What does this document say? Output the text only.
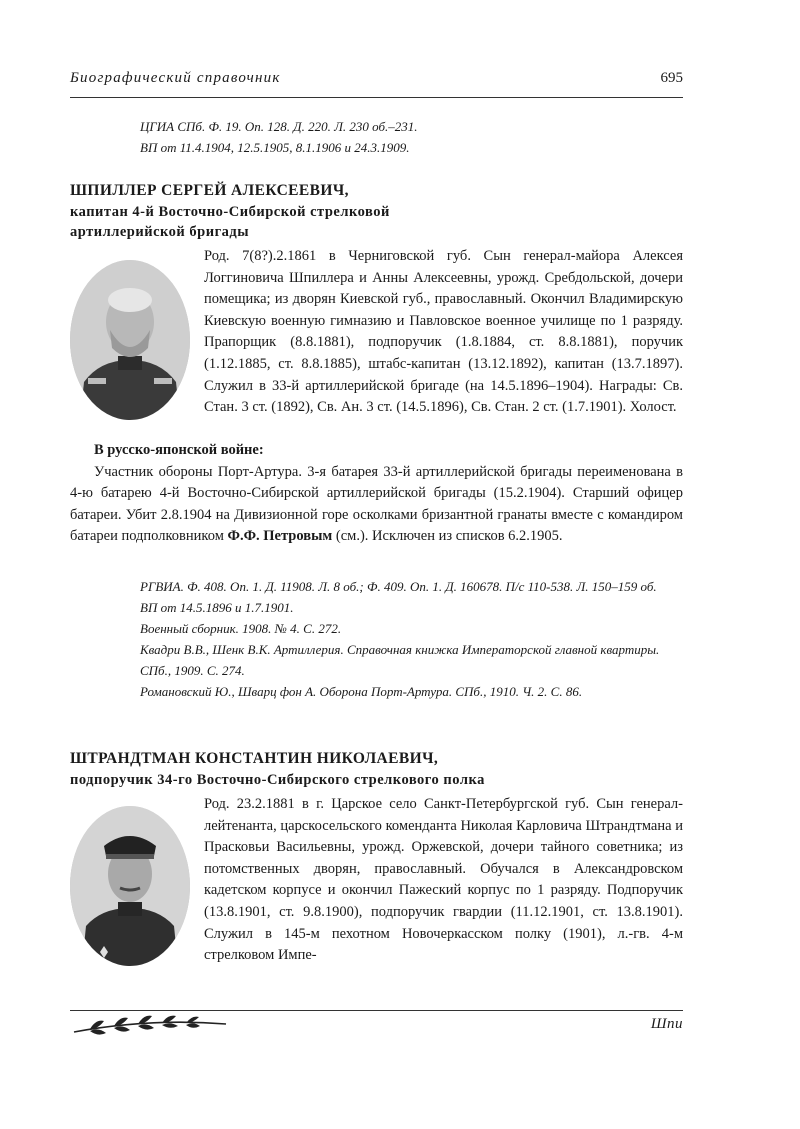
Биографический справочник	695
ЦГИА СПб. Ф. 19. Оп. 128. Д. 220. Л. 230 об.–231.
ВП от 11.4.1904, 12.5.1905, 8.1.1906 и 24.3.1909.

ШПИЛЛЕР СЕРГЕЙ АЛЕКСЕЕВИЧ,

капитан 4-й Восточно-Сибирской стрелковой

артиллерийской бригады

Род. 7(8?).2.1861 в Черниговской губ. Сын генерал-майора Алексея Логгиновича Шпиллера и Анны Алексеевны, урожд. Сребдольской, дочери помещика; из дворян Киевской губ., православный. Окончил Владимирскую Киевскую военную гимназию и Павловское военное училище по 1 разряду. Прапорщик (8.8.1881), подпоручик (1.8.1884, ст. 8.8.1881), поручик (1.12.1885, ст. 8.8.1885), штабс-капитан (13.12.1892), капитан (13.7.1897). Служил в 33-й артиллерийской бригаде (на 14.5.1896–1904). Награды: Св. Стан. 3 ст. (1892), Св. Ан. 3 ст. (14.5.1896), Св. Стан. 2 ст. (1.7.1901). Холост.

В русско-японской войне:

Участник обороны Порт-Артура. 3-я батарея 33-й артиллерийской бригады переименована в 4-ю батарею 4-й Восточно-Сибирской артиллерийской бригады (15.2.1904). Старший офицер батареи. Убит 2.8.1904 на Дивизионной горе осколками бризантной гранаты вместе с командиром батареи подполковником Ф.Ф. Петровым (см.). Исключен из списков 6.2.1905.

РГВИА. Ф. 408. Оп. 1. Д. 11908. Л. 8 об.; Ф. 409. Оп. 1. Д. 160678. П/с 110-538. Л. 150–159 об.
ВП от 14.5.1896 и 1.7.1901.
Военный сборник. 1908. № 4. С. 272.
Квадри В.В., Шенк В.К. Артиллерия. Справочная книжка Императорской главной квартиры. СПб., 1909. С. 274.
Романовский Ю., Шварц фон А. Оборона Порт-Артура. СПб., 1910. Ч. 2. С. 86.

ШТРАНДТМАН КОНСТАНТИН НИКОЛАЕВИЧ,

подпоручик 34-го Восточно-Сибирского стрелкового полка

Род. 23.2.1881 в г. Царское село Санкт-Петербургской губ. Сын генерал-лейтенанта, царскосельского коменданта Николая Карловича Штрандтмана и Прасковьи Васильевны, урожд. Оржевской, дочери тайного советника; из потомственных дворян, православный. Обучался в Александровском кадетском корпусе и окончил Пажеский корпус по 1 разряду. Подпоручик (13.8.1901, ст. 9.8.1900), подпоручик гвардии (11.12.1901, ст. 13.8.1901). Служил в 145-м пехотном Новочеркасском полку (1901), л.-гв. 4-м стрелковом Импе-

Шпи
